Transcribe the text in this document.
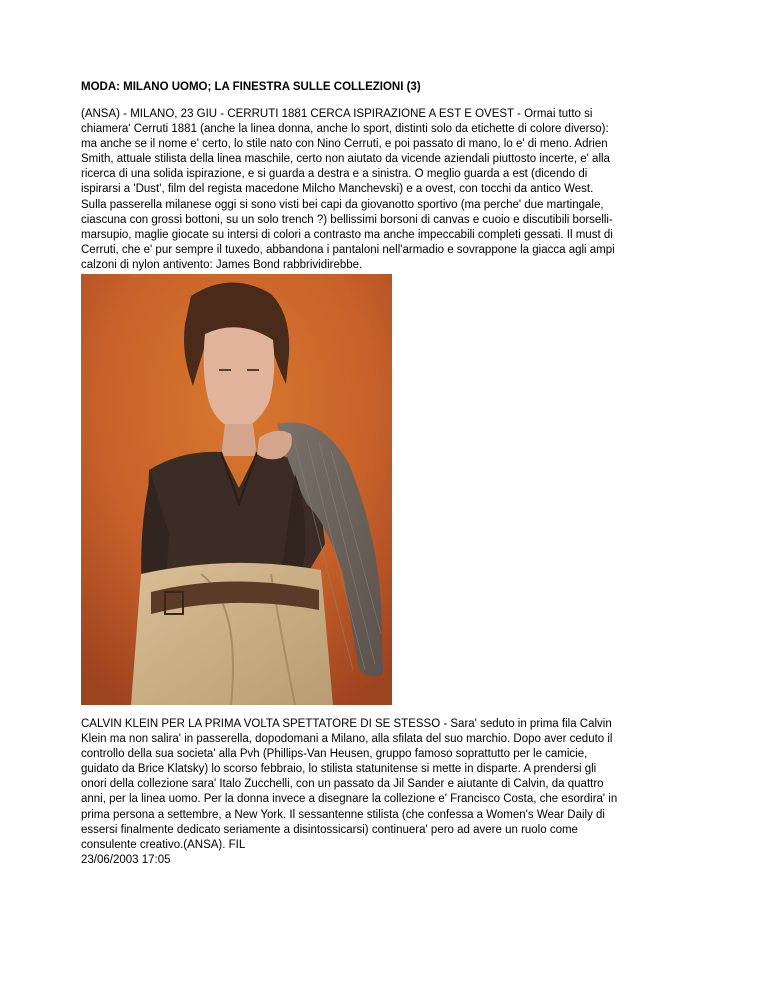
MODA: MILANO UOMO; LA FINESTRA SULLE COLLEZIONI (3)
(ANSA) - MILANO, 23 GIU - CERRUTI 1881 CERCA ISPIRAZIONE A EST E OVEST - Ormai tutto si
chiamera' Cerruti 1881 (anche la linea donna, anche lo sport, distinti solo da etichette di colore diverso):
ma anche se il nome e' certo, lo stile nato con Nino Cerruti, e poi passato di mano, lo e' di meno. Adrien
Smith, attuale stilista della linea maschile, certo non aiutato da vicende aziendali piuttosto incerte, e' alla
ricerca di una solida ispirazione, e si guarda a destra e a sinistra. O meglio guarda a est (dicendo di
ispirarsi a 'Dust', film del regista macedone Milcho Manchevski) e a ovest, con tocchi da antico West.
Sulla passerella milanese oggi si sono visti bei capi da giovanotto sportivo (ma perche' due martingale,
ciascuna con grossi bottoni, su un solo trench ?) bellissimi borsoni di canvas e cuoio e discutibili borselli-
marsupio, maglie giocate su intersi di colori a contrasto ma anche impeccabili completi gessati. Il must di
Cerruti, che e' pur sempre il tuxedo, abbandona i pantaloni nell'armadio e sovrappone la giacca agli ampi
calzoni di nylon antivento: James Bond rabbrividirebbe.
CALVIN KLEIN PER LA PRIMA VOLTA SPETTATORE DI SE STESSO - Sara' seduto in prima fila Calvin
Klein ma non salira' in passerella, dopodomani a Milano, alla sfilata del suo marchio. Dopo aver ceduto il
controllo della sua societa' alla Pvh (Phillips-Van Heusen, gruppo famoso soprattutto per le camicie,
guidato da Brice Klatsky) lo scorso febbraio, lo stilista statunitense si mette in disparte. A prendersi gli
onori della collezione sara' Italo Zucchelli, con un passato da Jil Sander e aiutante di Calvin, da quattro
anni, per la linea uomo. Per la donna invece a disegnare la collezione e' Francisco Costa, che esordira' in
prima persona a settembre, a New York. Il sessantenne stilista (che confessa a Women's Wear Daily di
essersi finalmente dedicato seriamente a disintossicarsi) continuera' pero ad avere un ruolo come
consulente creativo.(ANSA). FIL
23/06/2003 17:05
